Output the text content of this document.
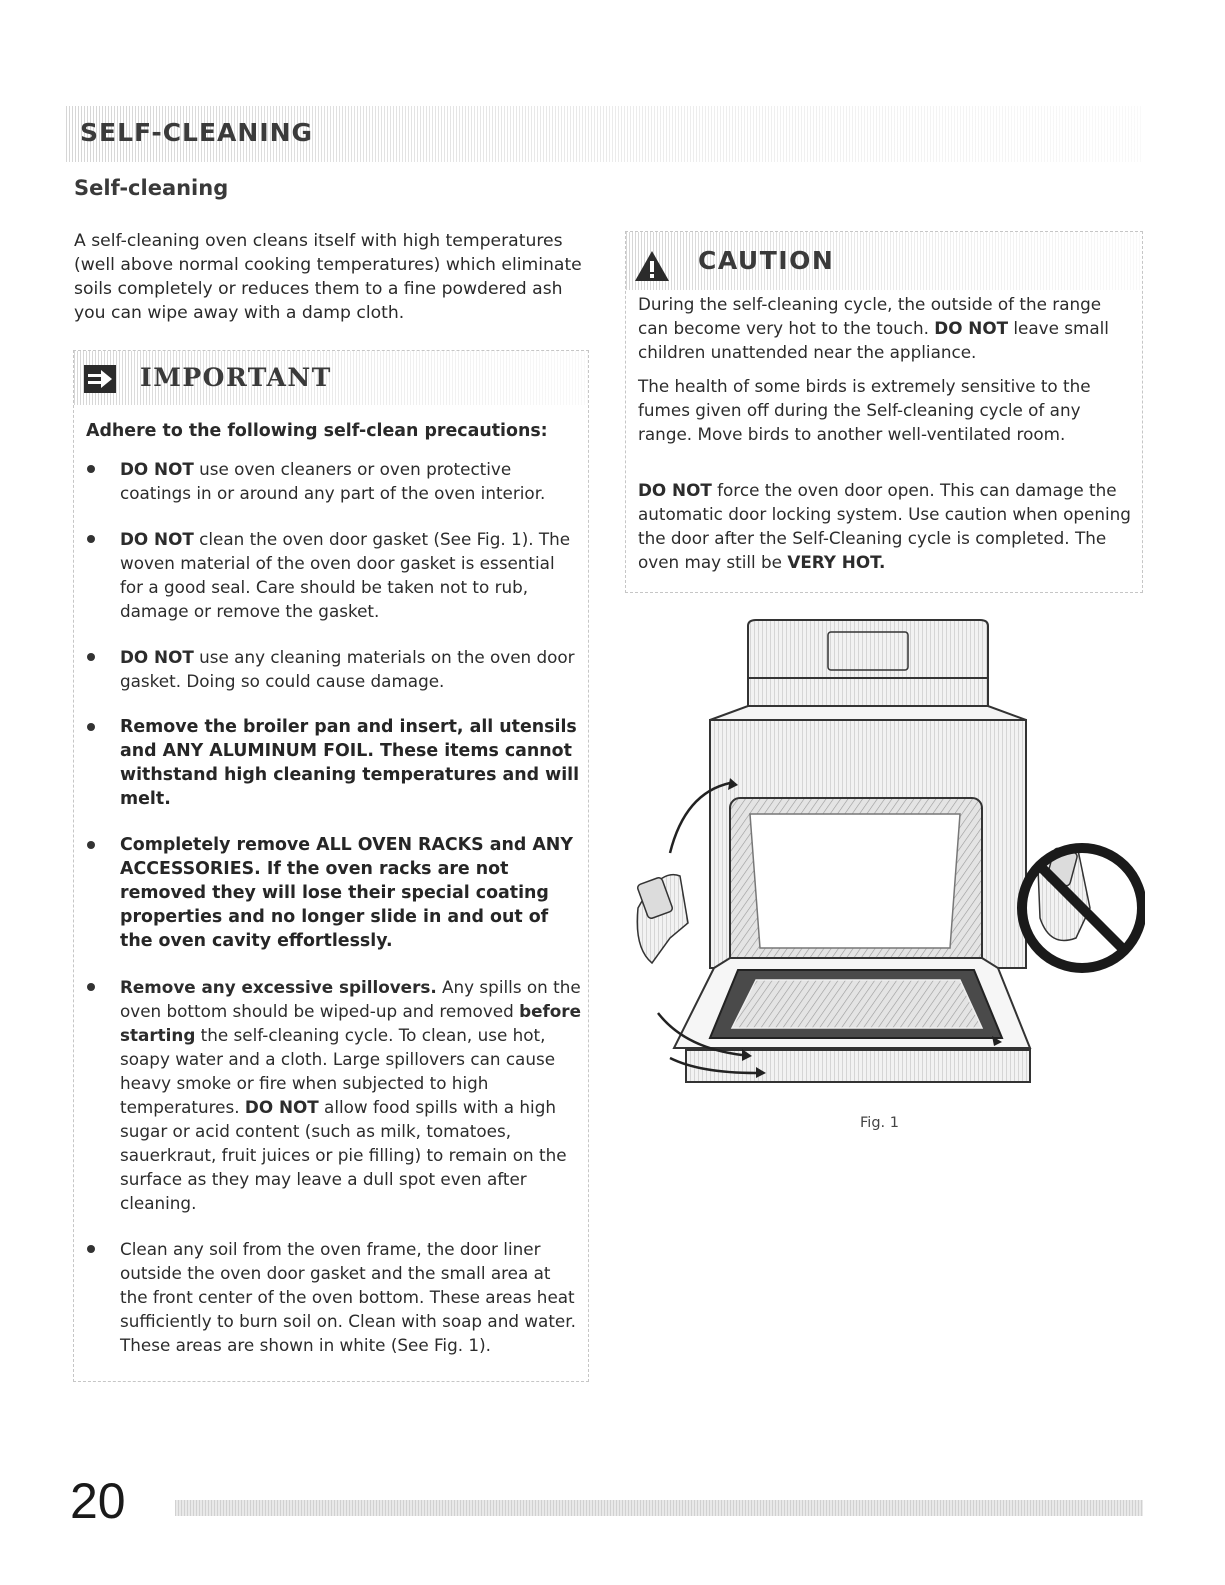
SELF-CLEANING
Self-cleaning

A self-cleaning oven cleans itself with high temperatures (well above normal cooking temperatures) which eliminate soils completely or reduces them to a fine powdered ash you can wipe away with a damp cloth.

IMPORTANT

Adhere to the following self-clean precautions:

DO NOT use oven cleaners or oven protective coatings in or around any part of the oven interior.
DO NOT clean the oven door gasket (See Fig. 1). The woven material of the oven door gasket is essential for a good seal. Care should be taken not to rub, damage or remove the gasket.
DO NOT use any cleaning materials on the oven door gasket. Doing so could cause damage.
Remove the broiler pan and insert, all utensils and ANY ALUMINUM FOIL. These items cannot withstand high cleaning temperatures and will melt.
Completely remove ALL OVEN RACKS and ANY ACCESSORIES. If the oven racks are not removed they will lose their special coating properties and no longer slide in and out of the oven cavity effortlessly.
Remove any excessive spillovers. Any spills on the oven bottom should be wiped-up and removed before starting the self-cleaning cycle. To clean, use hot, soapy water and a cloth. Large spillovers can cause heavy smoke or fire when subjected to high temperatures. DO NOT allow food spills with a high sugar or acid content (such as milk, tomatoes, sauerkraut, fruit juices or pie filling) to remain on the surface as they may leave a dull spot even after cleaning.
Clean any soil from the oven frame, the door liner outside the oven door gasket and the small area at the front center of the oven bottom. These areas heat sufficiently to burn soil on. Clean with soap and water. These areas are shown in white (See Fig. 1).
CAUTION

During the self-cleaning cycle, the outside of the range can become very hot to the touch. DO NOT leave small children unattended near the appliance.

The health of some birds is extremely sensitive to the fumes given off during the Self-cleaning cycle of any range. Move birds to another well-ventilated room.

DO NOT force the oven door open. This can damage the automatic door locking system. Use caution when opening the door after the Self-Cleaning cycle is completed. The oven may still be VERY HOT.

Fig. 1
20
